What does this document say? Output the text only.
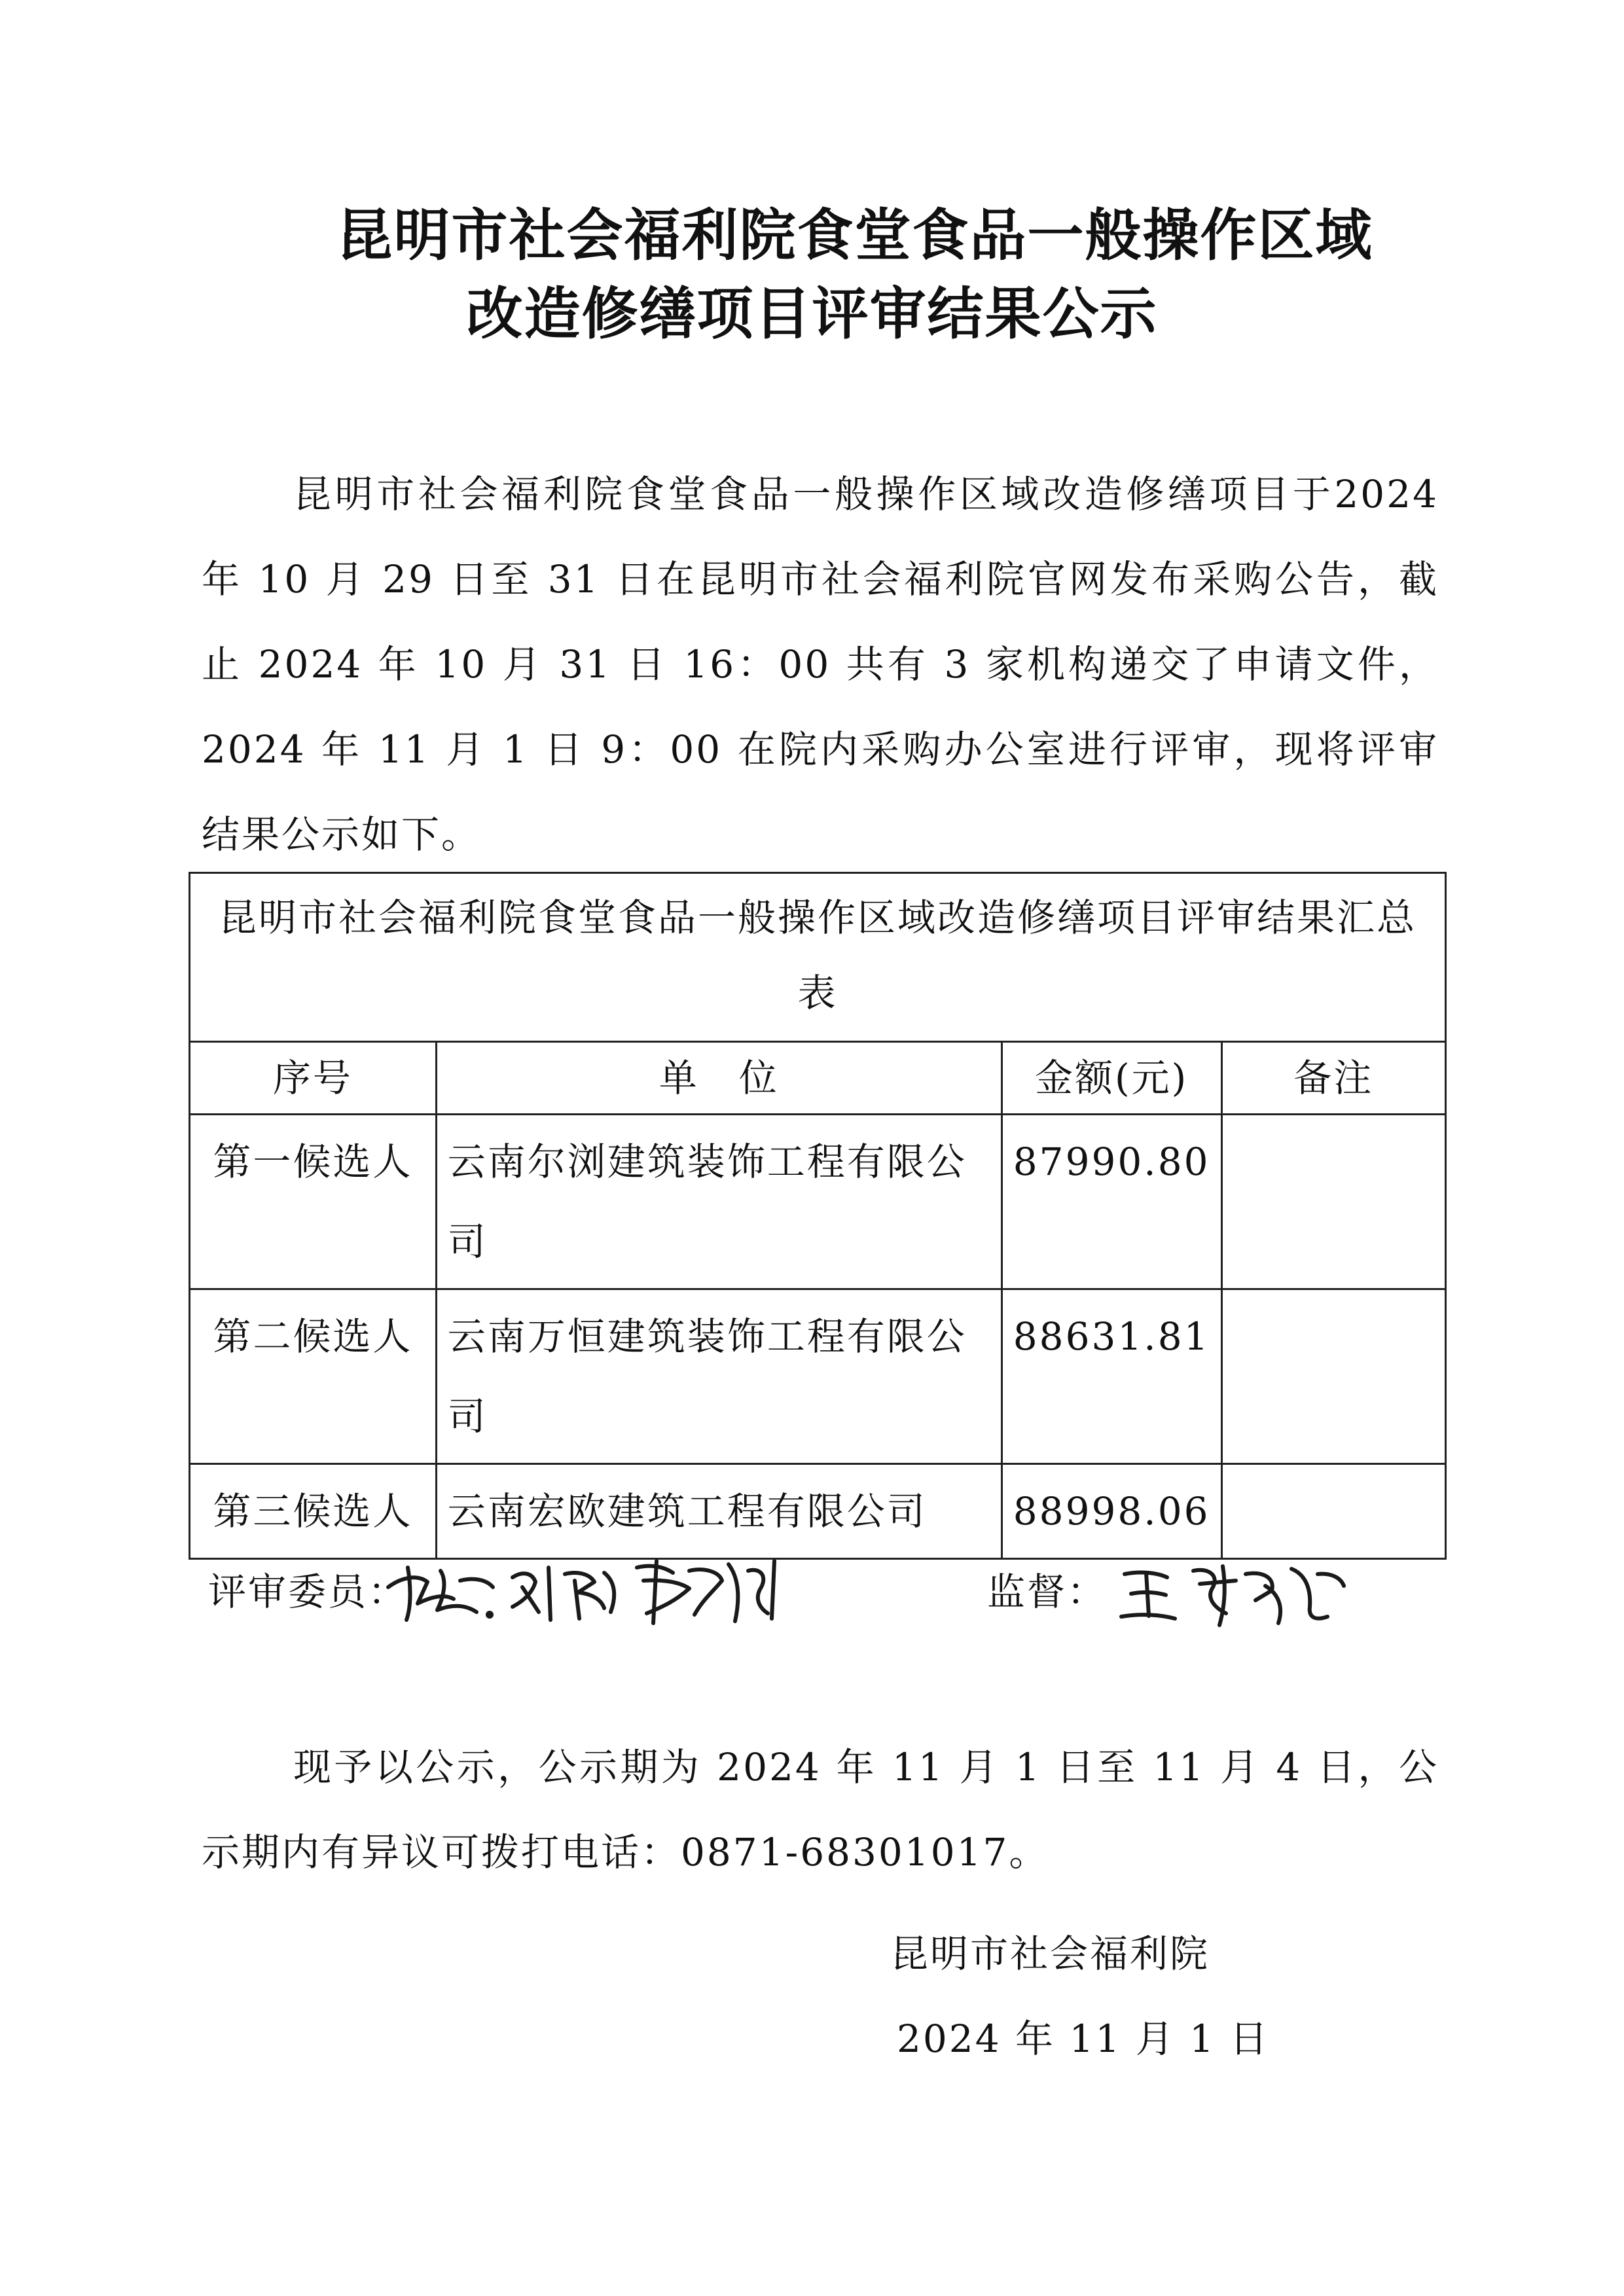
昆明市社会福利院食堂食品一般操作区域
改造修缮项目评审结果公示
昆明市社会福利院食堂食品一般操作区域改造修缮项目于2024 年 10 月 29 日至 31 日在昆明市社会福利院官网发布采购公告，截止 2024 年 10 月 31 日 16：00 共有 3 家机构递交了申请文件，2024 年 11 月 1 日 9：00 在院内采购办公室进行评审，现将评审结果公示如下。
昆明市社会福利院食堂食品一般操作区域改造修缮项目评审结果汇总表			
序号	单　位	金额(元)	备注
第一候选人	云南尔浏建筑装饰工程有限公司	87990.80	
第二候选人	云南万恒建筑装饰工程有限公司	88631.81	
第三候选人	云南宏欧建筑工程有限公司	88998.06	
评审委员：	监督：
现予以公示，公示期为 2024 年 11 月 1 日至 11 月 4 日，公示期内有异议可拨打电话：0871-68301017。
昆明市社会福利院
2024 年 11 月 1 日
